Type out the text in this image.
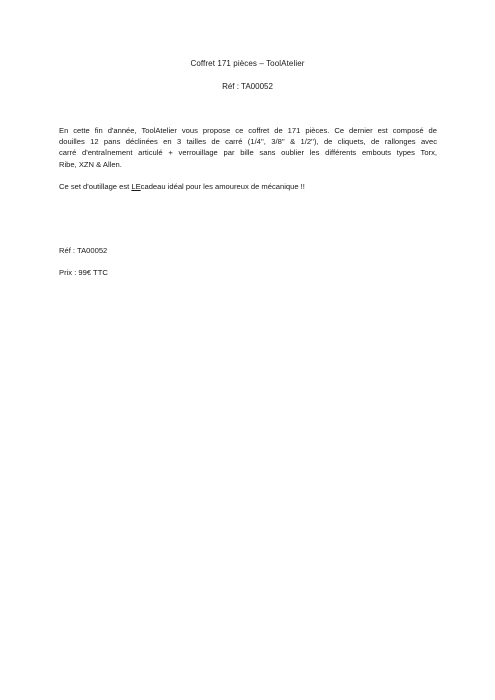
Coffret 171 pièces – ToolAtelier
Réf : TA00052
En cette fin d'année, ToolAtelier vous propose ce coffret de 171 pièces. Ce dernier est composé de
douilles 12 pans déclinées en 3 tailles de carré (1/4'', 3/8'' & 1/2''), de cliquets, de rallonges avec
carré d'entraînement articulé + verrouillage par bille sans oublier les différents embouts types Torx,
Ribe, XZN & Allen.

Ce set d'outillage est LEcadeau idéal pour les amoureux de mécanique !!

Réf : TA00052

Prix : 99€ TTC
